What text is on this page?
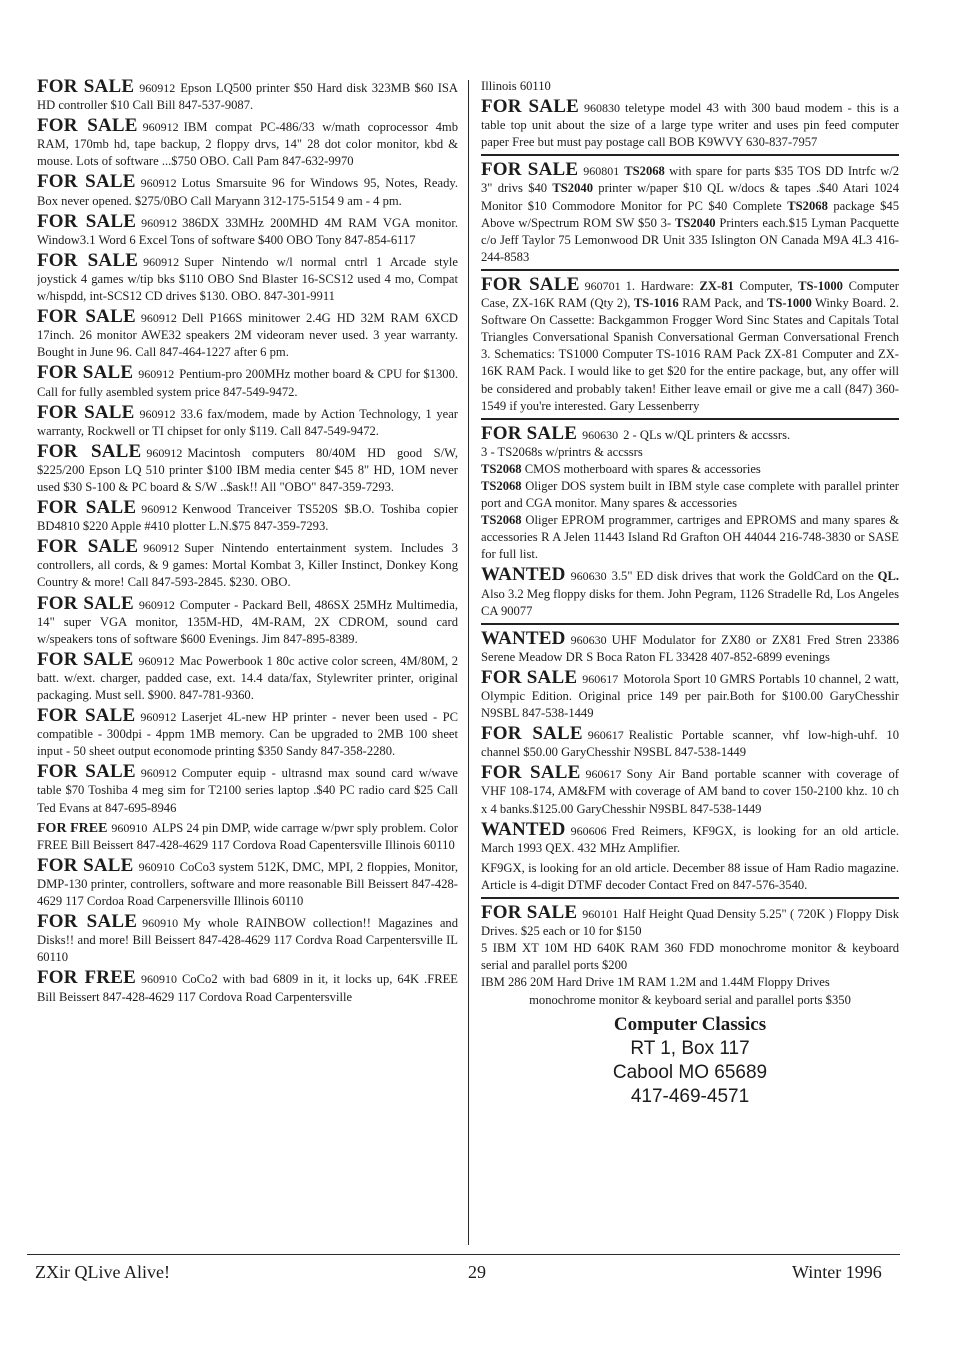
FOR SALE 960912 Epson LQ500 printer $50 Hard disk 323MB $60 ISA HD controller $10 Call Bill 847-537-9087.
FOR SALE 960912 IBM compat PC-486/33 w/math coprocessor 4mb RAM, 170mb hd, tape backup, 2 floppy drvs, 14" 28 dot color monitor, kbd & mouse. Lots of software ...$750 OBO. Call Pam 847-632-9970
FOR SALE 960912 Lotus Smarsuite 96 for Windows 95, Notes, Ready. Box never opened. $275/0BO Call Maryann 312-175-5154 9 am - 4 pm.
FOR SALE 960912 386DX 33MHz 200MHD 4M RAM VGA monitor. Window3.1 Word 6 Excel Tons of software $400 OBO Tony 847-854-6117
FOR SALE 960912 Super Nintendo w/l normal cntrl 1 Arcade style joystick 4 games w/tip bks $110 OBO Snd Blaster 16-SCS12 used 4 mo, Compat w/hispdd, int-SCS12 CD drives $130. OBO. 847-301-9911
FOR SALE 960912 Dell P166S minitower 2.4G HD 32M RAM 6XCD 17inch. 26 monitor AWE32 speakers 2M videoram never used. 3 year warranty. Bought in June 96. Call 847-464-1227 after 6 pm.
FOR SALE 960912 Pentium-pro 200MHz mother board & CPU for $1300. Call for fully asembled system price 847-549-9472.
FOR SALE 960912 33.6 fax/modem, made by Action Technology, 1 year warranty, Rockwell or TI chipset for only $119. Call 847-549-9472.
FOR SALE 960912 Macintosh computers 80/40M HD good S/W, $225/200 Epson LQ 510 printer $100 IBM media center $45 8" HD, 1OM never used $30 S-100 & PC board & S/W ..$ask!! All "OBO" 847-359-7293.
FOR SALE 960912 Kenwood Tranceiver TS520S $B.O. Toshiba copier BD4810 $220 Apple #410 plotter L.N.$75 847-359-7293.
FOR SALE 960912 Super Nintendo entertainment system. Includes 3 controllers, all cords, & 9 games: Mortal Kombat 3, Killer Instinct, Donkey Kong Country & more! Call 847-593-2845. $230. OBO.
FOR SALE 960912 Computer - Packard Bell, 486SX 25MHz Multimedia, 14" super VGA monitor, 135M-HD, 4M-RAM, 2X CDROM, sound card w/speakers tons of software $600 Evenings. Jim 847-895-8389.
FOR SALE 960912 Mac Powerbook 1 80c active color screen, 4M/80M, 2 batt. w/ext. charger, padded case, ext. 14.4 data/fax, Stylewriter printer, original packaging. Must sell. $900. 847-781-9360.
FOR SALE 960912 Laserjet 4L-new HP printer - never been used - PC compatible - 300dpi - 4ppm 1MB memory. Can be upgraded to 2MB 100 sheet input - 50 sheet output economode printing $350 Sandy 847-358-2280.
FOR SALE 960912 Computer equip - ultrasnd max sound card w/wave table $70 Toshiba 4 meg sim for T2100 series laptop .$40 PC radio card $25 Call Ted Evans at 847-695-8946
FOR FREE 960910 ALPS 24 pin DMP, wide carrage w/pwr sply problem. Color FREE Bill Beissert 847-428-4629 117 Cordova Road Capentersville Illinois 60110
FOR SALE 960910 CoCo3 system 512K, DMC, MPI, 2 floppies, Monitor, DMP-130 printer, controllers, software and more reasonable Bill Beissert 847-428-4629 117 Cordoa Road Carpenersville Illinois 60110
FOR SALE 960910 My whole RAINBOW collection!! Magazines and Disks!! and more! Bill Beissert 847-428-4629 117 Cordva Road Carpentersville IL 60110
FOR FREE 960910 CoCo2 with bad 6809 in it, it locks up, 64K .FREE Bill Beissert 847-428-4629 117 Cordova Road Carpentersville
Illinois 60110
FOR SALE 960830 teletype model 43 with 300 baud modem - this is a table top unit about the size of a large type writer and uses pin feed computer paper Free but must pay postage call BOB K9WVY 630-837-7957
FOR SALE 960801 TS2068 with spare for parts $35 TOS DD Intrfc w/2 3" drivs $40 TS2040 printer w/paper $10 QL w/docs & tapes .$40 Atari 1024 Monitor $10 Commodore Monitor for PC $40 Complete TS2068 package $45 Above w/Spectrum ROM SW $50 3- TS2040 Printers each.$15 Lyman Pacquette c/o Jeff Taylor 75 Lemonwood DR Unit 335 Islington ON Canada M9A 4L3 416-244-8583
FOR SALE 960701 1. Hardware: ZX-81 Computer, TS-1000 Computer Case, ZX-16K RAM (Qty 2), TS-1016 RAM Pack, and TS-1000 Winky Board. 2. Software On Cassette: Backgammon Frogger Word Sinc States and Capitals Total Triangles Conversational Spanish Conversational German Conversational French 3. Schematics: TS1000 Computer TS-1016 RAM Pack ZX-81 Computer and ZX-16K RAM Pack. I would like to get $20 for the entire package, but, any offer will be considered and probably taken! Either leave email or give me a call (847) 360-1549 if you're interested. Gary Lessenberry
FOR SALE 960630 2 - QLs w/QL printers & accssrs.
3 - TS2068s w/printrs & accssrs
TS2068 CMOS motherboard with spares & accessories
TS2068 Oliger DOS system built in IBM style case complete with parallel printer port and CGA monitor. Many spares & accessories
TS2068 Oliger EPROM programmer, cartriges and EPROMS and many spares & accessories R A Jelen 11443 Island Rd Grafton OH 44044 216-748-3830 or SASE for full list.
WANTED 960630 3.5" ED disk drives that work the GoldCard on the QL. Also 3.2 Meg floppy disks for them. John Pegram, 1126 Stradelle Rd, Los Angeles CA 90077
WANTED 960630 UHF Modulator for ZX80 or ZX81 Fred Stren 23386 Serene Meadow DR S Boca Raton FL 33428 407-852-6899 evenings
FOR SALE 960617 Motorola Sport 10 GMRS Portabls 10 channel, 2 watt, Olympic Edition. Original price 149 per pair.Both for $100.00 GaryChesshir N9SBL 847-538-1449
FOR SALE 960617 Realistic Portable scanner, vhf low-high-uhf. 10 channel $50.00 GaryChesshir N9SBL 847-538-1449
FOR SALE 960617 Sony Air Band portable scanner with coverage of VHF 108-174, AM&FM with coverage of AM band to cover 150-2100 khz. 10 ch x 4 banks.$125.00 GaryChesshir N9SBL 847-538-1449
WANTED 960606 Fred Reimers, KF9GX, is looking for an old article. March 1993 QEX. 432 MHz Amplifier.
KF9GX, is looking for an old article. December 88 issue of Ham Radio magazine. Article is 4-digit DTMF decoder Contact Fred on 847-576-3540.
FOR SALE 960101 Half Height Quad Density 5.25" ( 720K ) Floppy Disk Drives. $25 each or 10 for $150
5 IBM XT 10M HD 640K RAM 360 FDD monochrome monitor & keyboard serial and parallel ports $200
IBM 286 20M Hard Drive 1M RAM 1.2M and 1.44M Floppy Drives
monochrome monitor & keyboard serial and parallel ports $350
Computer Classics
RT 1, Box 117
Cabool MO 65689
417-469-4571
ZXir QLive Alive!	29	Winter 1996
